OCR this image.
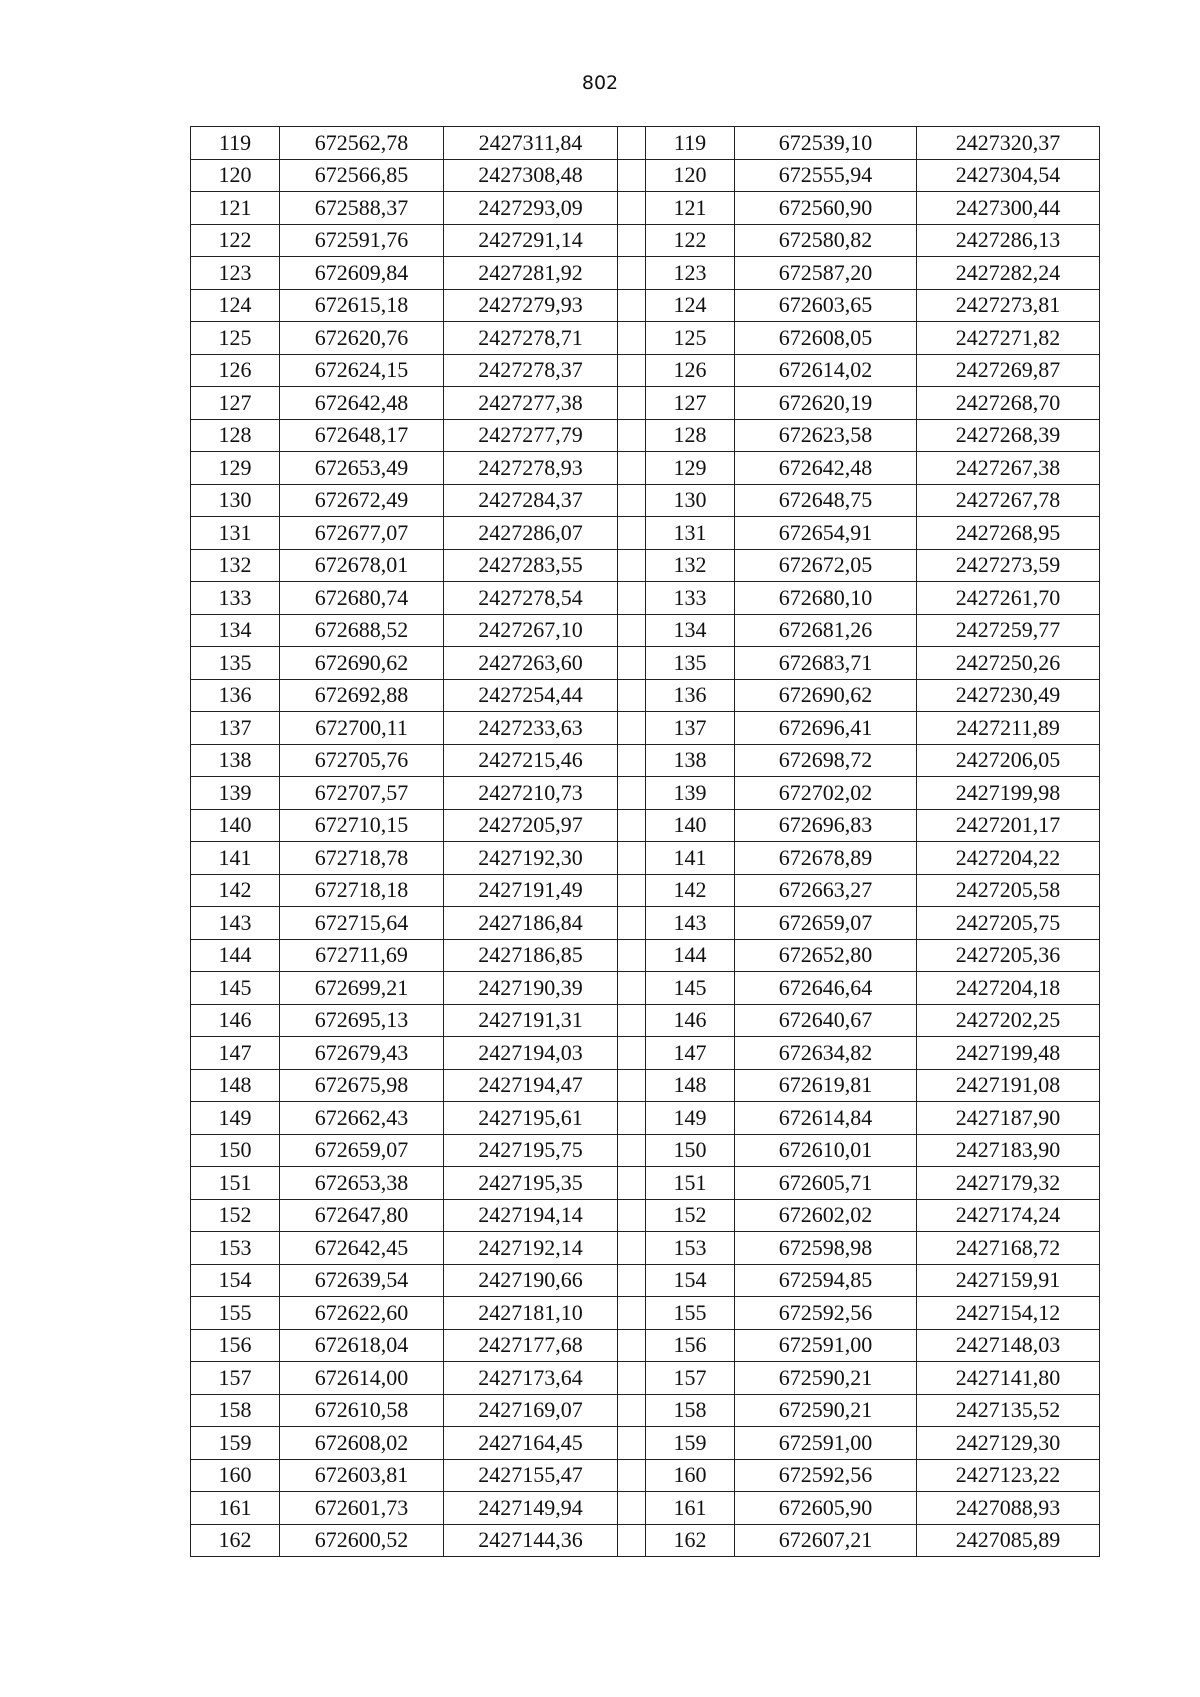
802
119	672562,78	2427311,84		119	672539,10	2427320,37
120	672566,85	2427308,48		120	672555,94	2427304,54
121	672588,37	2427293,09		121	672560,90	2427300,44
122	672591,76	2427291,14		122	672580,82	2427286,13
123	672609,84	2427281,92		123	672587,20	2427282,24
124	672615,18	2427279,93		124	672603,65	2427273,81
125	672620,76	2427278,71		125	672608,05	2427271,82
126	672624,15	2427278,37		126	672614,02	2427269,87
127	672642,48	2427277,38		127	672620,19	2427268,70
128	672648,17	2427277,79		128	672623,58	2427268,39
129	672653,49	2427278,93		129	672642,48	2427267,38
130	672672,49	2427284,37		130	672648,75	2427267,78
131	672677,07	2427286,07		131	672654,91	2427268,95
132	672678,01	2427283,55		132	672672,05	2427273,59
133	672680,74	2427278,54		133	672680,10	2427261,70
134	672688,52	2427267,10		134	672681,26	2427259,77
135	672690,62	2427263,60		135	672683,71	2427250,26
136	672692,88	2427254,44		136	672690,62	2427230,49
137	672700,11	2427233,63		137	672696,41	2427211,89
138	672705,76	2427215,46		138	672698,72	2427206,05
139	672707,57	2427210,73		139	672702,02	2427199,98
140	672710,15	2427205,97		140	672696,83	2427201,17
141	672718,78	2427192,30		141	672678,89	2427204,22
142	672718,18	2427191,49		142	672663,27	2427205,58
143	672715,64	2427186,84		143	672659,07	2427205,75
144	672711,69	2427186,85		144	672652,80	2427205,36
145	672699,21	2427190,39		145	672646,64	2427204,18
146	672695,13	2427191,31		146	672640,67	2427202,25
147	672679,43	2427194,03		147	672634,82	2427199,48
148	672675,98	2427194,47		148	672619,81	2427191,08
149	672662,43	2427195,61		149	672614,84	2427187,90
150	672659,07	2427195,75		150	672610,01	2427183,90
151	672653,38	2427195,35		151	672605,71	2427179,32
152	672647,80	2427194,14		152	672602,02	2427174,24
153	672642,45	2427192,14		153	672598,98	2427168,72
154	672639,54	2427190,66		154	672594,85	2427159,91
155	672622,60	2427181,10		155	672592,56	2427154,12
156	672618,04	2427177,68		156	672591,00	2427148,03
157	672614,00	2427173,64		157	672590,21	2427141,80
158	672610,58	2427169,07		158	672590,21	2427135,52
159	672608,02	2427164,45		159	672591,00	2427129,30
160	672603,81	2427155,47		160	672592,56	2427123,22
161	672601,73	2427149,94		161	672605,90	2427088,93
162	672600,52	2427144,36		162	672607,21	2427085,89
